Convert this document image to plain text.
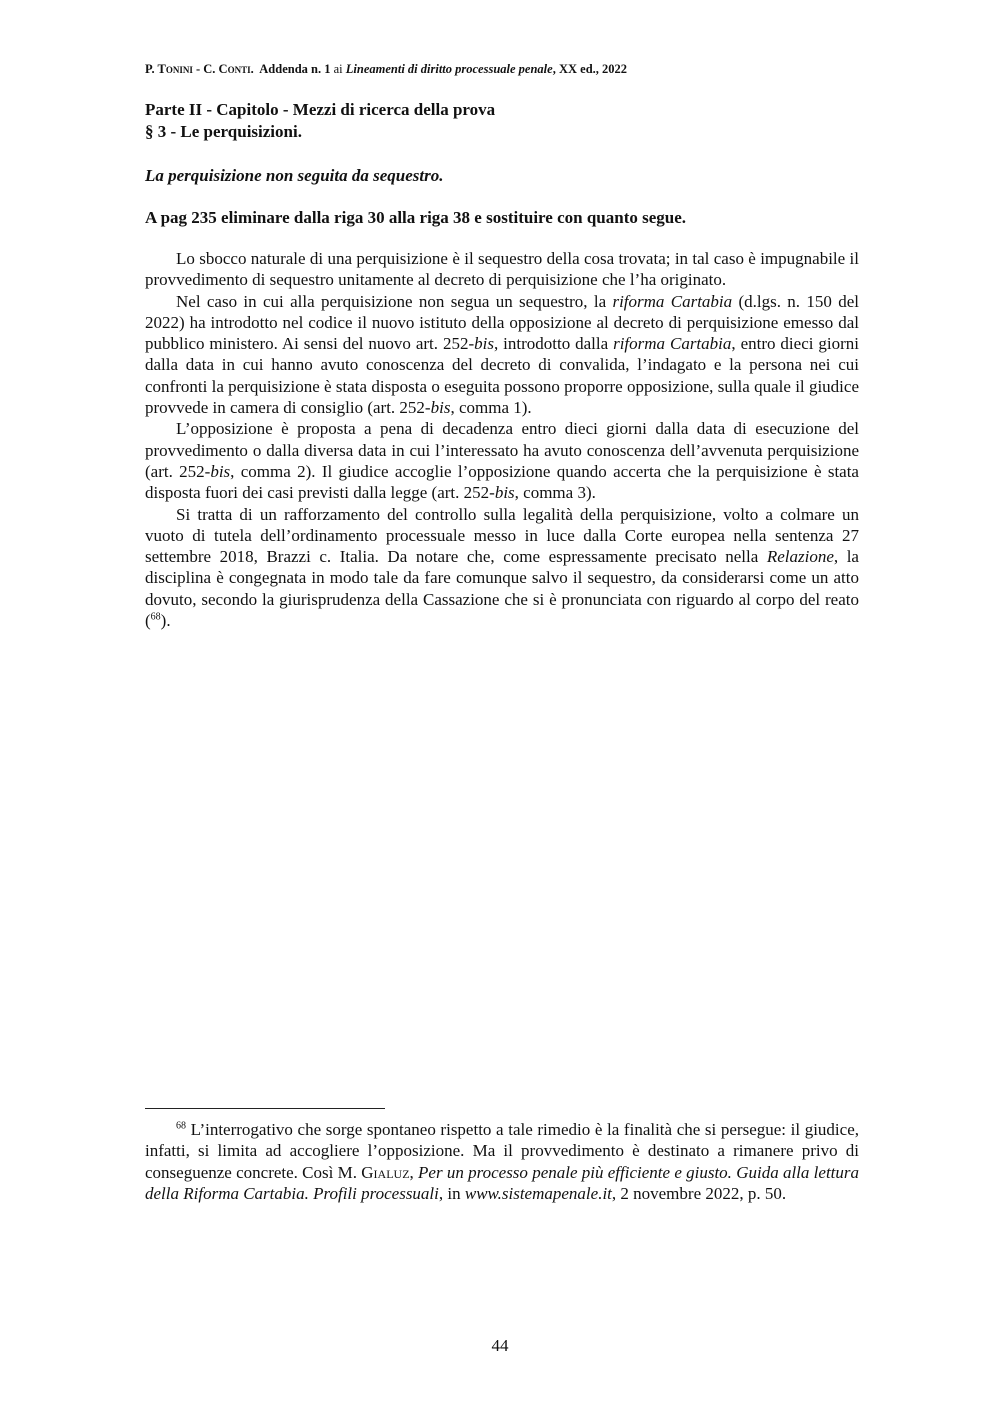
P. Tonini - C. Conti. Addenda n. 1 ai Lineamenti di diritto processuale penale, XX ed., 2022
Parte II - Capitolo - Mezzi di ricerca della prova
§ 3 - Le perquisizioni.
La perquisizione non seguita da sequestro.
A pag 235 eliminare dalla riga 30 alla riga 38 e sostituire con quanto segue.

Lo sbocco naturale di una perquisizione è il sequestro della cosa trovata; in tal caso è impugnabile il provvedimento di sequestro unitamente al decreto di perquisizione che l’ha originato.

Nel caso in cui alla perquisizione non segua un sequestro, la riforma Cartabia (d.lgs. n. 150 del 2022) ha introdotto nel codice il nuovo istituto della opposizione al decreto di perquisizione emesso dal pubblico ministero. Ai sensi del nuovo art. 252-bis, introdotto dalla riforma Cartabia, entro dieci giorni dalla data in cui hanno avuto conoscenza del decreto di convalida, l’indagato e la persona nei cui confronti la perquisizione è stata disposta o eseguita possono proporre opposizione, sulla quale il giudice provvede in camera di consiglio (art. 252-bis, comma 1).

L’opposizione è proposta a pena di decadenza entro dieci giorni dalla data di esecuzione del provvedimento o dalla diversa data in cui l’interessato ha avuto conoscenza dell’avvenuta perquisizione (art. 252-bis, comma 2). Il giudice accoglie l’opposizione quando accerta che la perquisizione è stata disposta fuori dei casi previsti dalla legge (art. 252-bis, comma 3).

Si tratta di un rafforzamento del controllo sulla legalità della perquisizione, volto a colmare un vuoto di tutela dell’ordinamento processuale messo in luce dalla Corte europea nella sentenza 27 settembre 2018, Brazzi c. Italia. Da notare che, come espressamente precisato nella Relazione, la disciplina è congegnata in modo tale da fare comunque salvo il sequestro, da considerarsi come un atto dovuto, secondo la giurisprudenza della Cassazione che si è pronunciata con riguardo al corpo del reato ($^{68}$).

$^{68}$ L’interrogativo che sorge spontaneo rispetto a tale rimedio è la finalità che si persegue: il giudice, infatti, si limita ad accogliere l’opposizione. Ma il provvedimento è destinato a rimanere privo di conseguenze concrete. Così M. Gialuz, Per un processo penale più efficiente e giusto. Guida alla lettura della Riforma Cartabia. Profili processuali, in www.sistemapenale.it, 2 novembre 2022, p. 50.

44
